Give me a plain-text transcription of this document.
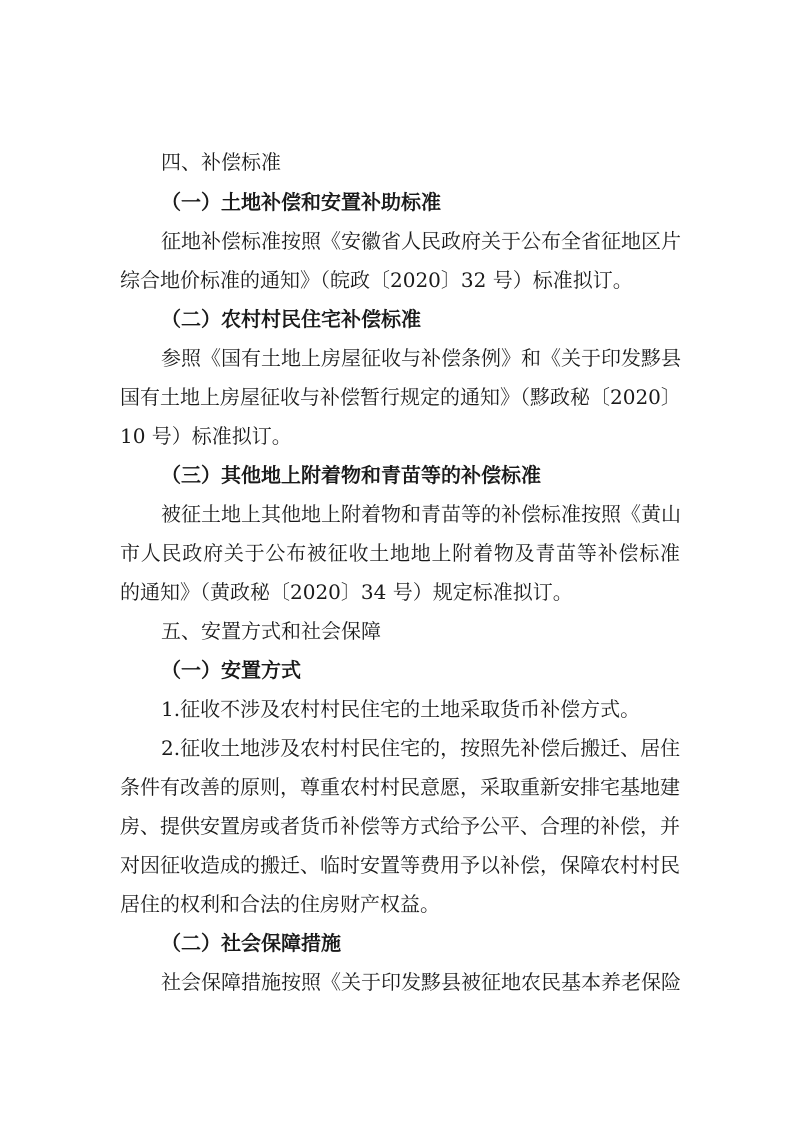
四、补偿标准
（一）土地补偿和安置补助标准
征地补偿标准按照《安徽省人民政府关于公布全省征地区片
综合地价标准的通知》（皖政〔2020〕32 号）标准拟订。
（二）农村村民住宅补偿标准
参照《国有土地上房屋征收与补偿条例》和《关于印发黟县
国有土地上房屋征收与补偿暂行规定的通知》（黟政秘〔2020〕
10 号）标准拟订。
（三）其他地上附着物和青苗等的补偿标准
被征土地上其他地上附着物和青苗等的补偿标准按照《黄山
市人民政府关于公布被征收土地地上附着物及青苗等补偿标准
的通知》（黄政秘〔2020〕34 号）规定标准拟订。
五、安置方式和社会保障
（一）安置方式
1.征收不涉及农村村民住宅的土地采取货币补偿方式。
2.征收土地涉及农村村民住宅的，按照先补偿后搬迁、居住
条件有改善的原则，尊重农村村民意愿，采取重新安排宅基地建
房、提供安置房或者货币补偿等方式给予公平、合理的补偿，并
对因征收造成的搬迁、临时安置等费用予以补偿，保障农村村民
居住的权利和合法的住房财产权益。
（二）社会保障措施
社会保障措施按照《关于印发黟县被征地农民基本养老保险
